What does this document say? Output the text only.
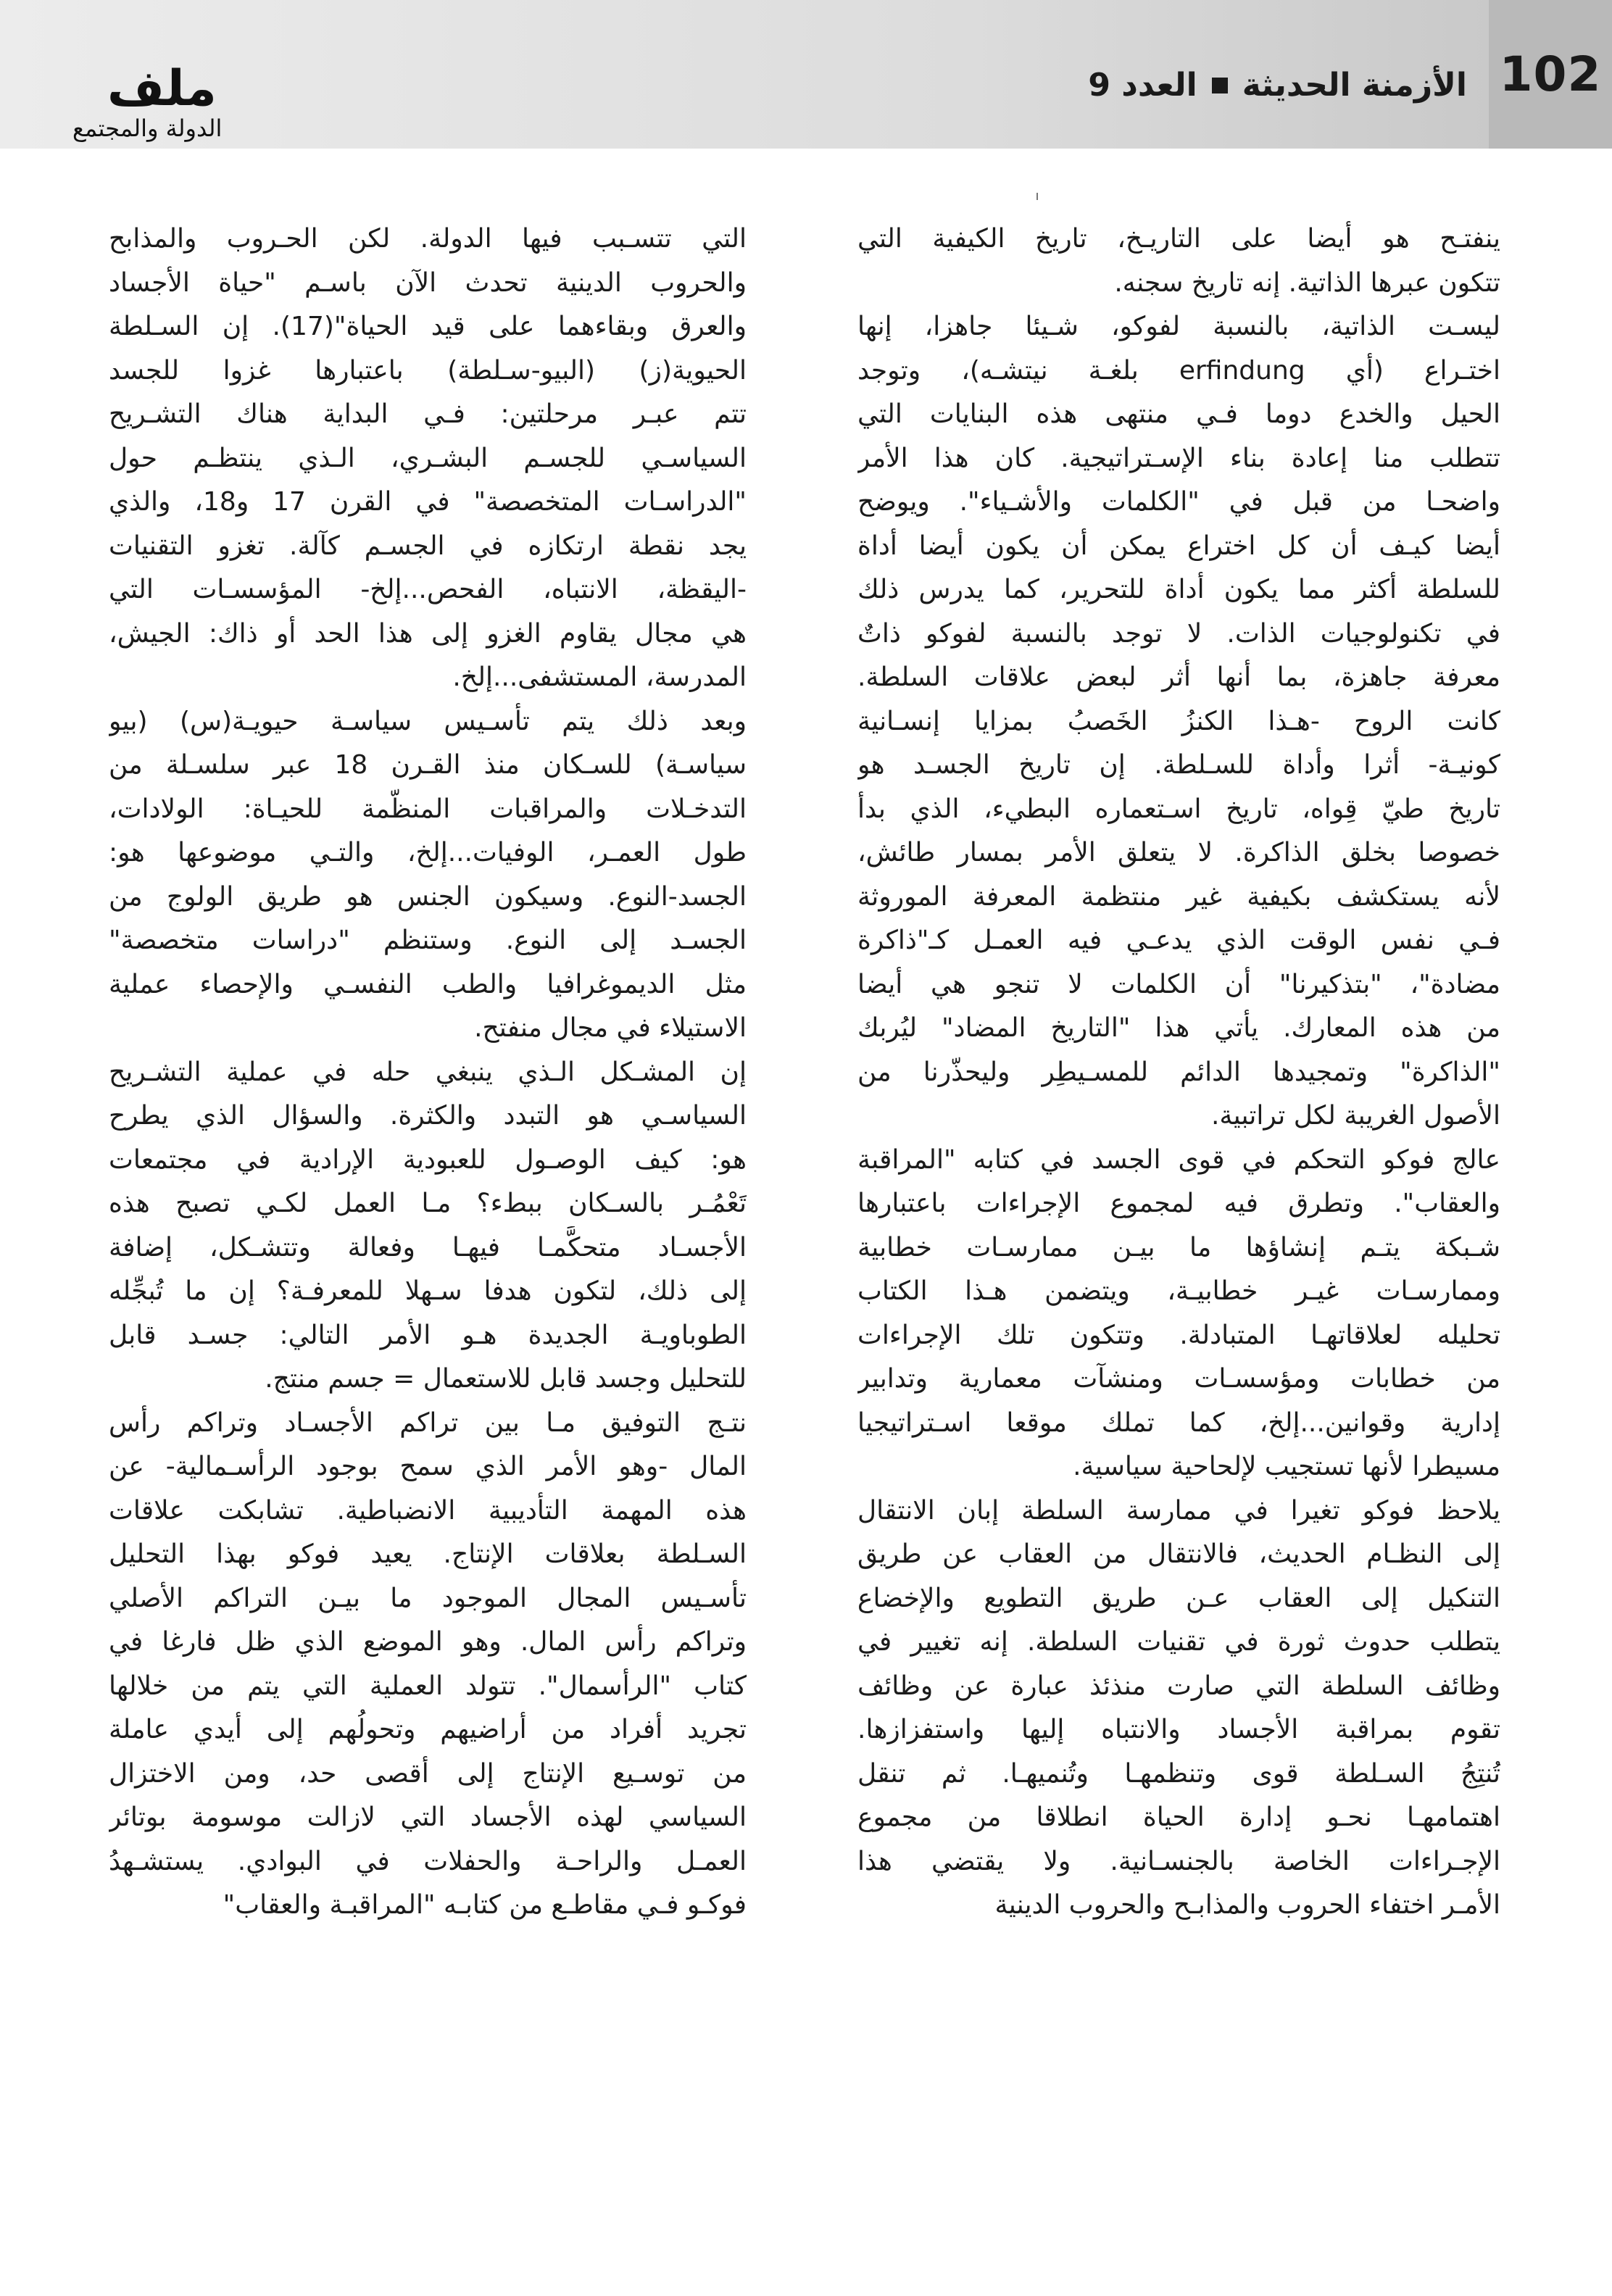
102
الأزمنة الحديثة
العدد 9
ملف
الدولة والمجتمع
ينفتـح هو أيضا على التاريـخ، تاريخ الكيفية التي
تتكون عبرها الذاتية. إنه تاريخ سجنه.
ليسـت الذاتية، بالنسبة لفوكو، شـيئا جاهزا، إنها
اختـراع (أي erfindung بلغـة نيتشـه)، وتوجد
الحيل والخدع دوما فـي منتهى هذه البنايات التي
تتطلب منا إعادة بناء الإسـتراتيجية. كان هذا الأمر
واضحـا من قبل في "الكلمات والأشـياء". ويوضح
أيضا كيـف أن كل اختراع يمكن أن يكون أيضا أداة
للسلطة أكثر مما يكون أداة للتحرير، كما يدرس ذلك
في تكنولوجيات الذات. لا توجد بالنسبة لفوكو ذاتٌ
معرفة جاهزة، بما أنها أثر لبعض علاقات السلطة.
كانت الروح -هـذا الكنزُ الخَصبُ بمزايا إنسـانية
كونيـة- أثرا وأداة للسـلطة. إن تاريخ الجسـد هو
تاريخ طيّ قِواه، تاريخ اسـتعماره البطيء، الذي بدأ
خصوصا بخلق الذاكرة. لا يتعلق الأمر بمسار طائش،
لأنه يستكشف بكيفية غير منتظمة المعرفة الموروثة
فـي نفس الوقت الذي يدعـي فيه العمـل كـ"ذاكرة
مضادة"، "بتذكيرنا" أن الكلمات لا تنجو هي أيضا
من هذه المعارك. يأتي هذا "التاريخ المضاد" ليُربك
"الذاكرة" وتمجيدها الدائم للمسـيطِر وليحذّرنا من
الأصول الغريبة لكل تراتبية.
عالج فوكو التحكم في قوى الجسد في كتابه "المراقبة
والعقاب". وتطرق فيه لمجموع الإجراءات باعتبارها
شـبكة يتـم إنشاؤها ما بيـن ممارسـات خطابية
وممارسـات غيـر خطابيـة، ويتضمن هـذا الكتاب
تحليله لعلاقاتهـا المتبادلة. وتتكون تلك الإجراءات
من خطابات ومؤسسـات ومنشآت معمارية وتدابير
إدارية وقوانين...إلخ، كما تملك موقعا اسـتراتيجيا
مسيطرا لأنها تستجيب لإلحاحية سياسية.
يلاحظ فوكو تغيرا في ممارسة السلطة إبان الانتقال
إلى النظـام الحديث، فالانتقال من العقاب عن طريق
التنكيل إلى العقاب عـن طريق التطويع والإخضاع
يتطلب حدوث ثورة في تقنيات السلطة. إنه تغيير في
وظائف السلطة التي صارت منذئذ عبارة عن وظائف
تقوم بمراقبة الأجساد والانتباه إليها واستفزازها.
تُنتِجُ السـلطة قوى وتنظمهـا وتُنميهـا. ثم تنقل
اهتمامهـا نحـو إدارة الحياة انطلاقا من مجموع
الإجـراءات الخاصة بالجنسـانية. ولا يقتضي هذا
الأمـر اختفاء الحروب والمذابـح والحروب الدينية
التي تتسـبب فيها الدولة. لكن الحـروب والمذابح
والحروب الدينية تحدث الآن باسـم "حياة الأجساد
والعرق وبقاءهما على قيد الحياة"(17). إن السـلطة
الحيوية(ز) (البيو-سـلطة) باعتبارها غزوا للجسد
تتم عبـر مرحلتين: فـي البداية هناك التشـريح
السياسـي للجسـم البشـري، الـذي ينتظـم حول
"الدراسـات المتخصصة" في القرن 17 و18، والذي
يجد نقطة ارتكازه في الجسـم كآلة. تغزو التقنيات
-اليقظة، الانتباه، الفحص...إلخ- المؤسسـات التي
هي مجال يقاوم الغزو إلى هذا الحد أو ذاك: الجيش،
المدرسة، المستشفى...إلخ.
وبعد ذلك يتم تأسـيس سياسـة حيويـة(س) (بيو
سياسـة) للسـكان منذ القـرن 18 عبر سلسـلة من
التدخـلات والمراقبات المنظّمة للحيـاة: الولادات،
طول العمـر، الوفيات...إلخ، والتـي موضوعها هو:
الجسد-النوع. وسيكون الجنس هو طريق الولوج من
الجسـد إلى النوع. وستنظم "دراسات متخصصة"
مثل الديموغرافيا والطب النفسـي والإحصاء عملية
الاستيلاء في مجال منفتح.
إن المشـكل الـذي ينبغي حله في عملية التشـريح
السياسـي هو التبدد والكثرة. والسؤال الذي يطرح
هو: كيف الوصـول للعبودية الإرادية في مجتمعات
تَعْمُـر بالسـكان ببطء؟ مـا العمل لكـي تصبح هذه
الأجسـاد متحكَّمـا فيهـا وفعالة وتتشـكل، إضافة
إلى ذلك، لتكون هدفا سـهلا للمعرفـة؟ إن ما تُبجِّله
الطوباويـة الجديدة هـو الأمر التالي: جسـد قابل
للتحليل وجسد قابل للاستعمال = جسم منتج.
نتـج التوفيق مـا بين تراكم الأجسـاد وتراكم رأس
المال -وهو الأمر الذي سمح بوجود الرأسـمالية- عن
هذه المهمة التأديبية الانضباطية. تشابكت علاقات
السـلطة بعلاقات الإنتاج. يعيد فوكو بهذا التحليل
تأسـيس المجال الموجود ما بيـن التراكم الأصلي
وتراكم رأس المال. وهو الموضع الذي ظل فارغا في
كتاب "الرأسمال". تتولد العملية التي يتم من خلالها
تجريد أفراد من أراضيهم وتحولُهم إلى أيدي عاملة
من توسـيع الإنتاج إلى أقصى حد، ومن الاختزال
السياسي لهذه الأجساد التي لازالت موسومة بوتائر
العمـل والراحـة والحفلات في البوادي. يستشـهدُ
فوكـو فـي مقاطـع من كتابـه "المراقبـة والعقاب"
